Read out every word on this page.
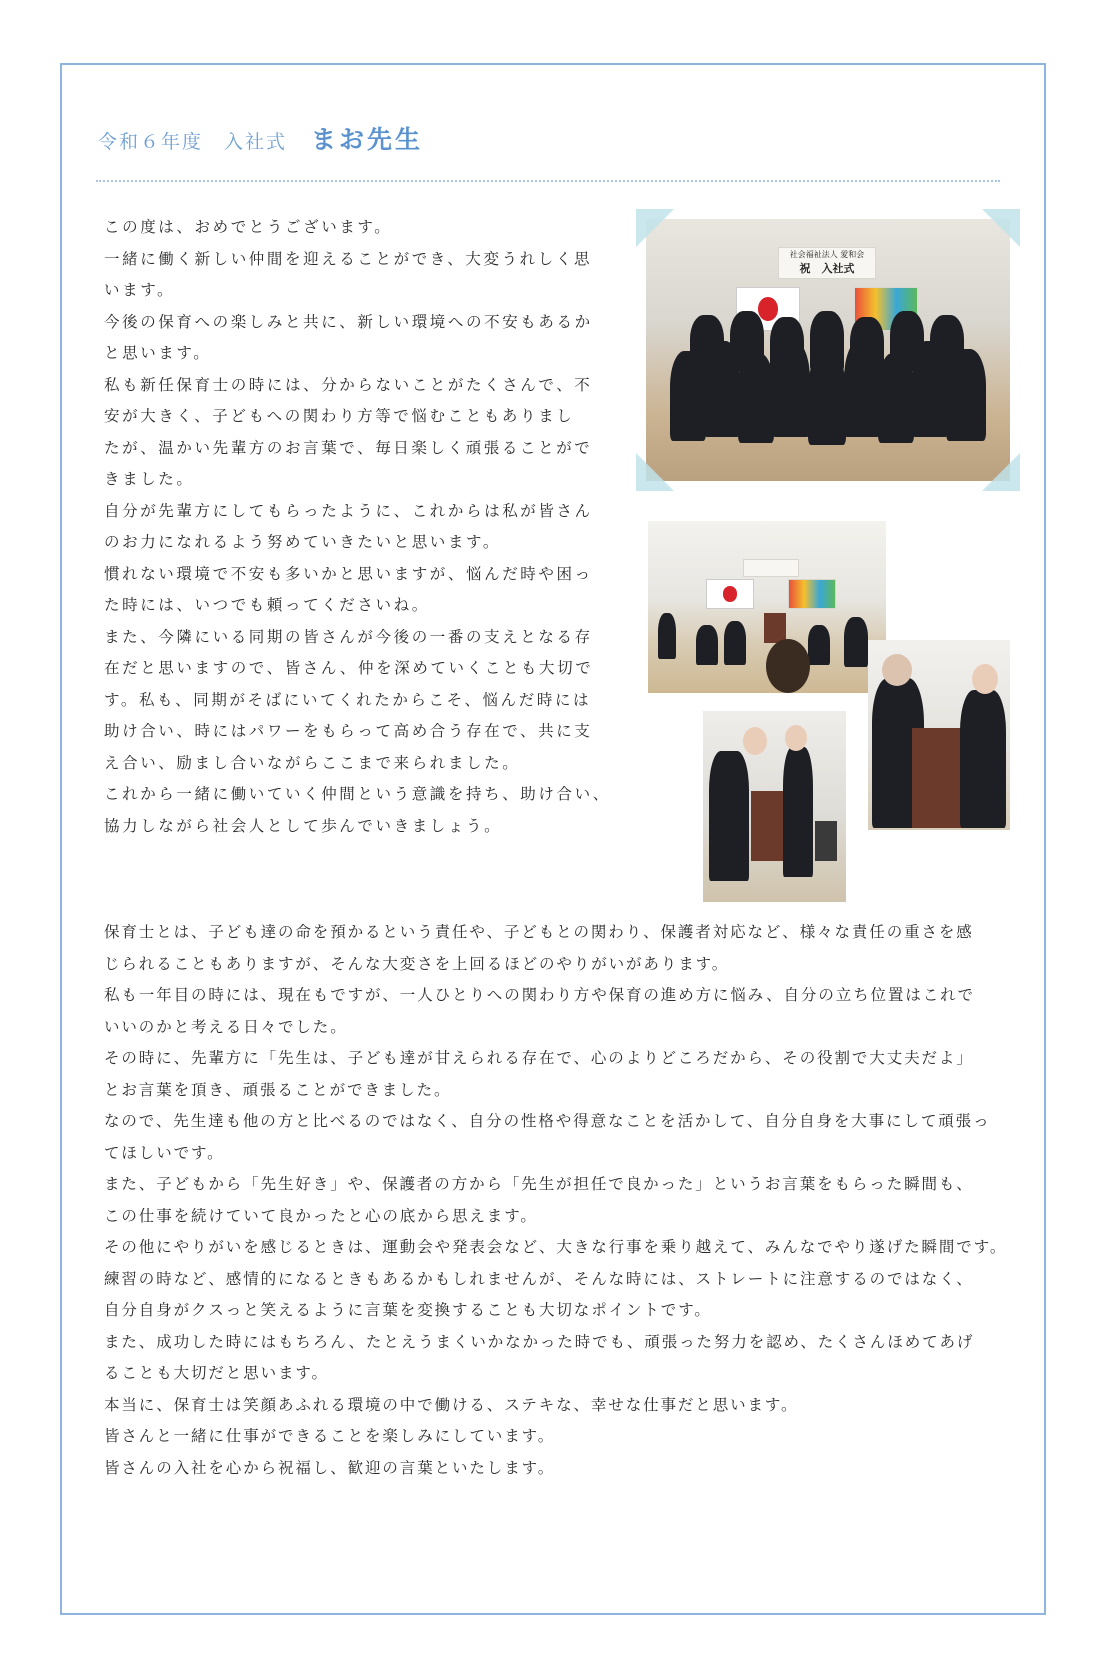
令和６年度　入社式 まお先生

この度は、おめでとうございます。

一緒に働く新しい仲間を迎えることができ、大変うれしく思

います。

今後の保育への楽しみと共に、新しい環境への不安もあるか

と思います。

私も新任保育士の時には、分からないことがたくさんで、不

安が大きく、子どもへの関わり方等で悩むこともありまし

たが、温かい先輩方のお言葉で、毎日楽しく頑張ることがで

きました。

自分が先輩方にしてもらったように、これからは私が皆さん

のお力になれるよう努めていきたいと思います。

慣れない環境で不安も多いかと思いますが、悩んだ時や困っ

た時には、いつでも頼ってくださいね。

また、今隣にいる同期の皆さんが今後の一番の支えとなる存

在だと思いますので、皆さん、仲を深めていくことも大切で

す。私も、同期がそばにいてくれたからこそ、悩んだ時には

助け合い、時にはパワーをもらって高め合う存在で、共に支

え合い、励まし合いながらここまで来られました。

これから一緒に働いていく仲間という意識を持ち、助け合い、

協力しながら社会人として歩んでいきましょう。

保育士とは、子ども達の命を預かるという責任や、子どもとの関わり、保護者対応など、様々な責任の重さを感

じられることもありますが、そんな大変さを上回るほどのやりがいがあります。

私も一年目の時には、現在もですが、一人ひとりへの関わり方や保育の進め方に悩み、自分の立ち位置はこれで

いいのかと考える日々でした。

その時に、先輩方に「先生は、子ども達が甘えられる存在で、心のよりどころだから、その役割で大丈夫だよ」

とお言葉を頂き、頑張ることができました。

なので、先生達も他の方と比べるのではなく、自分の性格や得意なことを活かして、自分自身を大事にして頑張っ

てほしいです。

また、子どもから「先生好き」や、保護者の方から「先生が担任で良かった」というお言葉をもらった瞬間も、

この仕事を続けていて良かったと心の底から思えます。

その他にやりがいを感じるときは、運動会や発表会など、大きな行事を乗り越えて、みんなでやり遂げた瞬間です。

練習の時など、感情的になるときもあるかもしれませんが、そんな時には、ストレートに注意するのではなく、

自分自身がクスっと笑えるように言葉を変換することも大切なポイントです。

また、成功した時にはもちろん、たとえうまくいかなかった時でも、頑張った努力を認め、たくさんほめてあげ

ることも大切だと思います。

本当に、保育士は笑顔あふれる環境の中で働ける、ステキな、幸せな仕事だと思います。

皆さんと一緒に仕事ができることを楽しみにしています。

皆さんの入社を心から祝福し、歓迎の言葉といたします。

社会福祉法人 愛和会
祝　入社式
